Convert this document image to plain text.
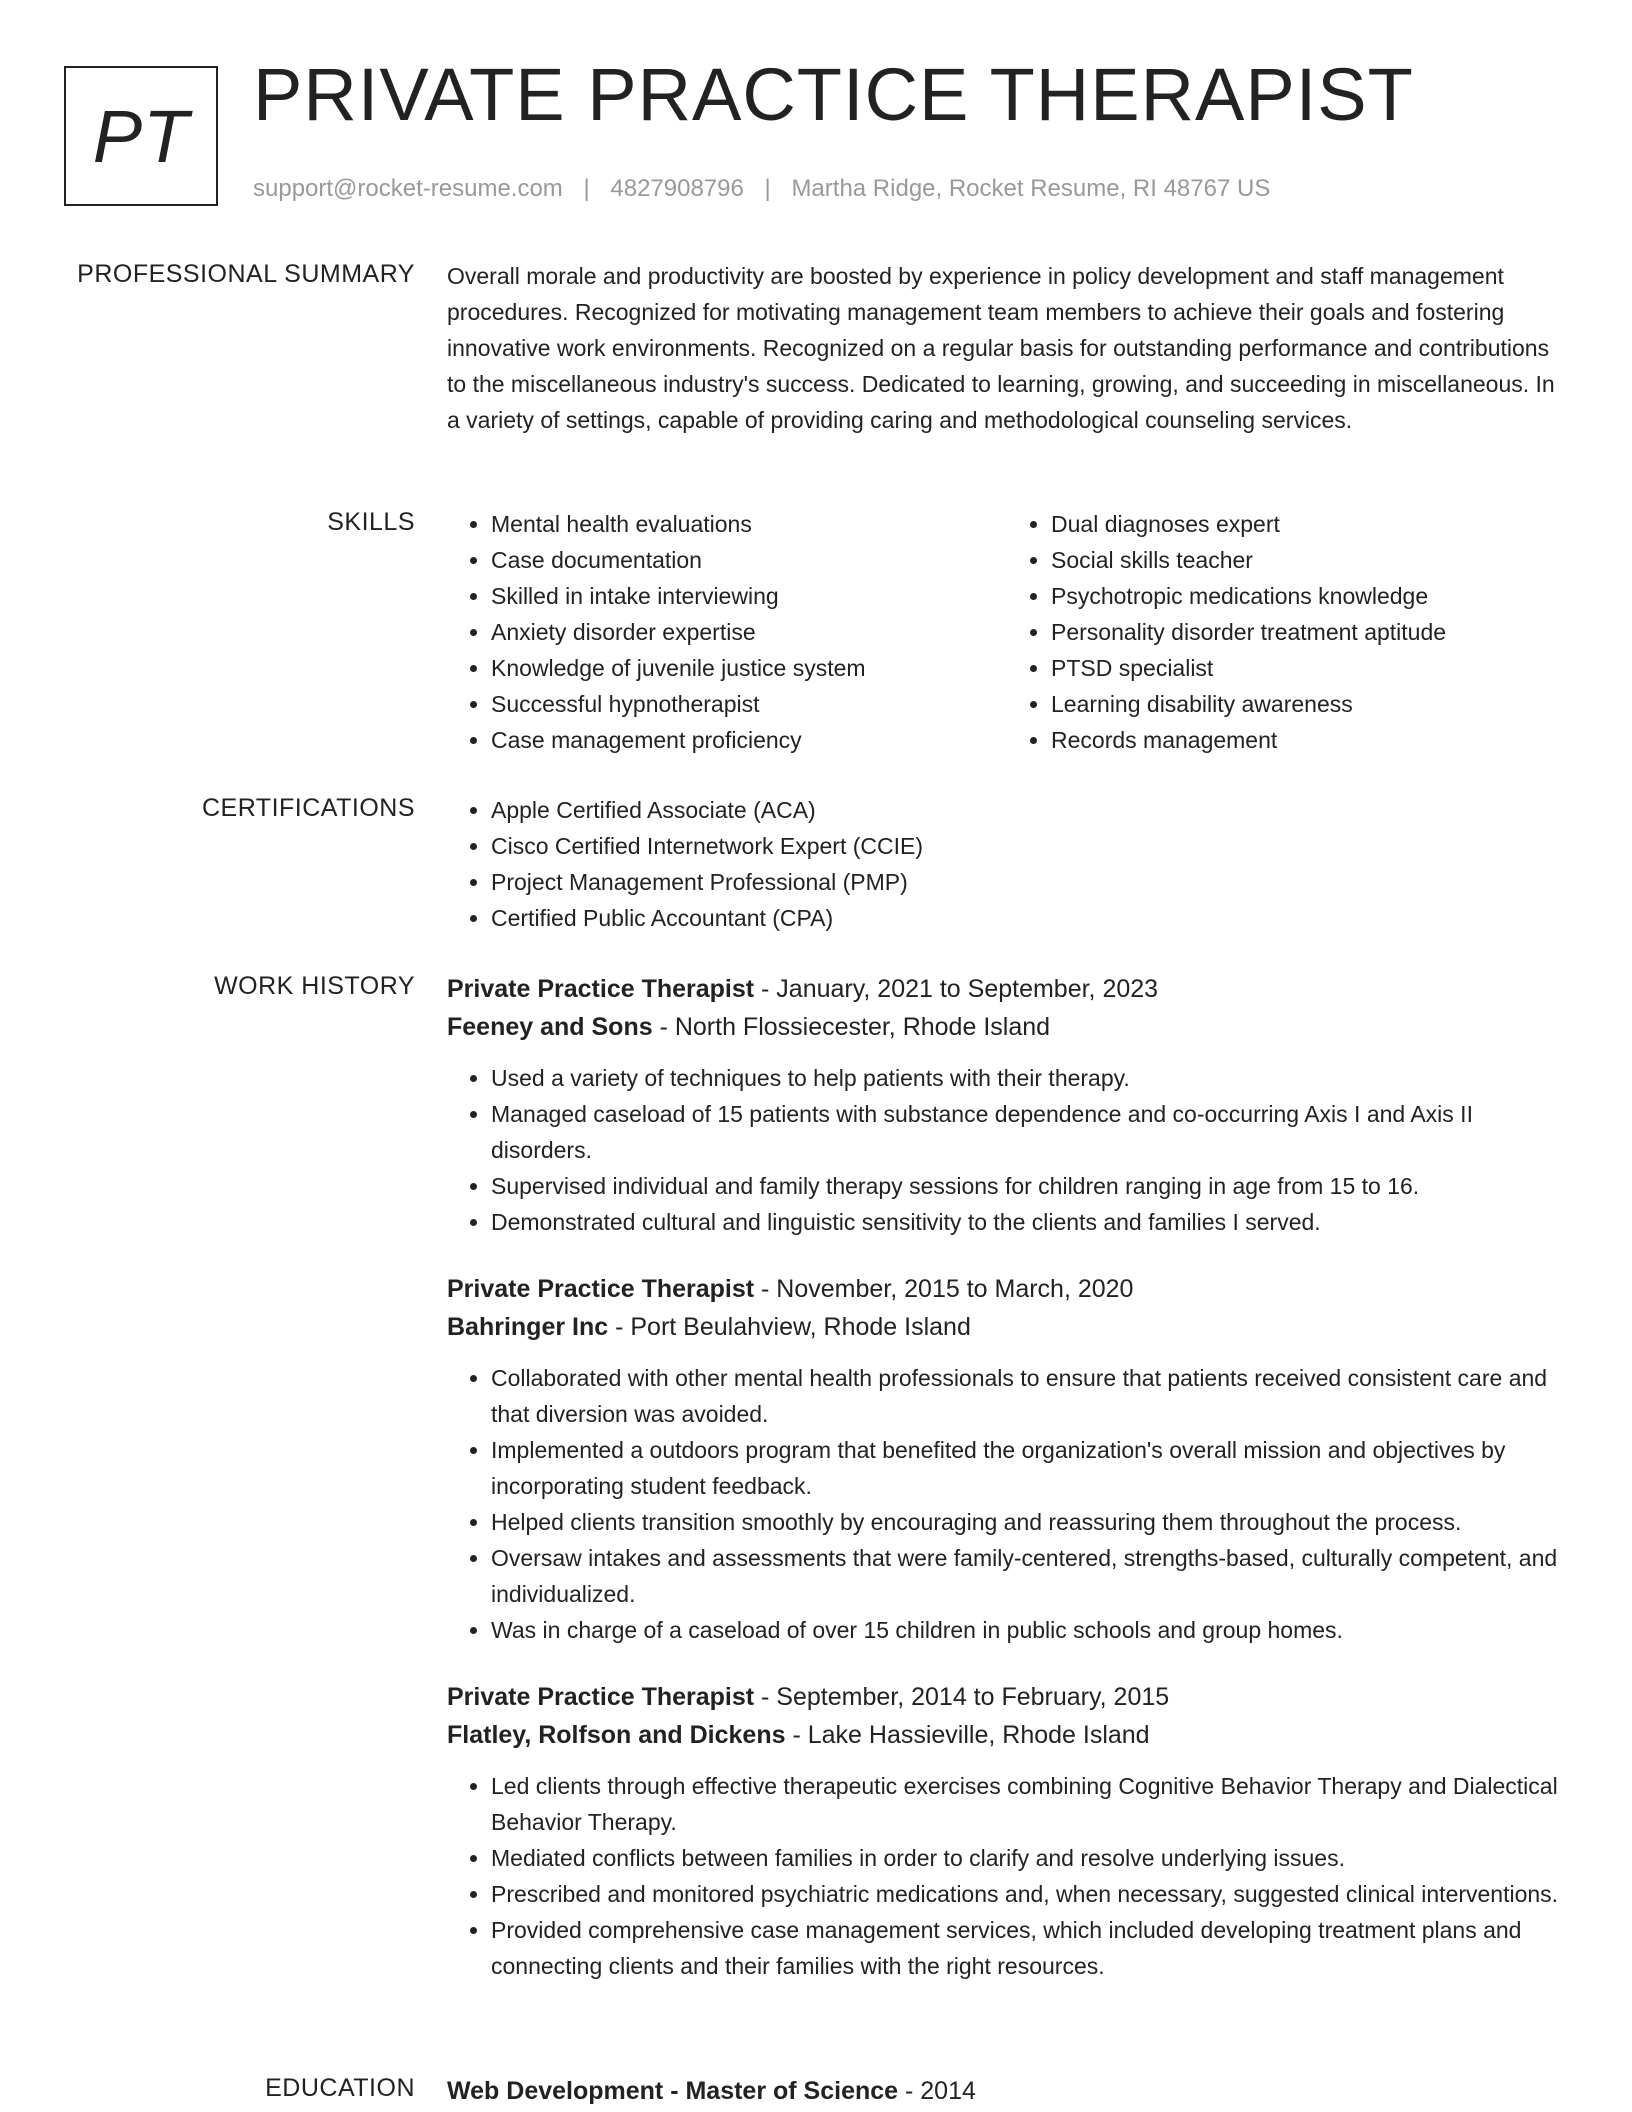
PT PRIVATE PRACTICE THERAPIST
support@rocket-resume.com | 4827908796 | Martha Ridge, Rocket Resume, RI 48767 US
PROFESSIONAL SUMMARY Overall morale and productivity are boosted by experience in policy development and staff management procedures. Recognized for motivating management team members to achieve their goals and fostering innovative work environments. Recognized on a regular basis for outstanding performance and contributions to the miscellaneous industry's success. Dedicated to learning, growing, and succeeding in miscellaneous. In a variety of settings, capable of providing caring and methodological counseling services.
SKILLS	• Mental health evaluations
• Case documentation
• Skilled in intake interviewing
• Anxiety disorder expertise
• Knowledge of juvenile justice system
• Successful hypnotherapist
• Case management proficiency
• Dual diagnoses expert
• Social skills teacher
• Psychotropic medications knowledge
• Personality disorder treatment aptitude
• PTSD specialist
• Learning disability awareness
• Records management
CERTIFICATIONS	• Apple Certified Associate (ACA)
• Cisco Certified Internetwork Expert (CCIE)
• Project Management Professional (PMP)
• Certified Public Accountant (CPA)
WORK HISTORY Private Practice Therapist - January, 2021 to September, 2023
Feeney and Sons - North Flossiecester, Rhode Island
• Used a variety of techniques to help patients with their therapy.
• Managed caseload of 15 patients with substance dependence and co-occurring Axis I and Axis II disorders.
• Supervised individual and family therapy sessions for children ranging in age from 15 to 16.
• Demonstrated cultural and linguistic sensitivity to the clients and families I served.
Private Practice Therapist - November, 2015 to March, 2020
Bahringer Inc - Port Beulahview, Rhode Island
• Collaborated with other mental health professionals to ensure that patients received consistent care and that diversion was avoided.
• Implemented a outdoors program that benefited the organization's overall mission and objectives by incorporating student feedback.
• Helped clients transition smoothly by encouraging and reassuring them throughout the process.
• Oversaw intakes and assessments that were family-centered, strengths-based, culturally competent, and individualized.
• Was in charge of a caseload of over 15 children in public schools and group homes.
Private Practice Therapist - September, 2014 to February, 2015
Flatley, Rolfson and Dickens - Lake Hassieville, Rhode Island
• Led clients through effective therapeutic exercises combining Cognitive Behavior Therapy and Dialectical Behavior Therapy.
• Mediated conflicts between families in order to clarify and resolve underlying issues.
• Prescribed and monitored psychiatric medications and, when necessary, suggested clinical interventions.
• Provided comprehensive case management services, which included developing treatment plans and connecting clients and their families with the right resources.
EDUCATION Web Development - Master of Science - 2014
